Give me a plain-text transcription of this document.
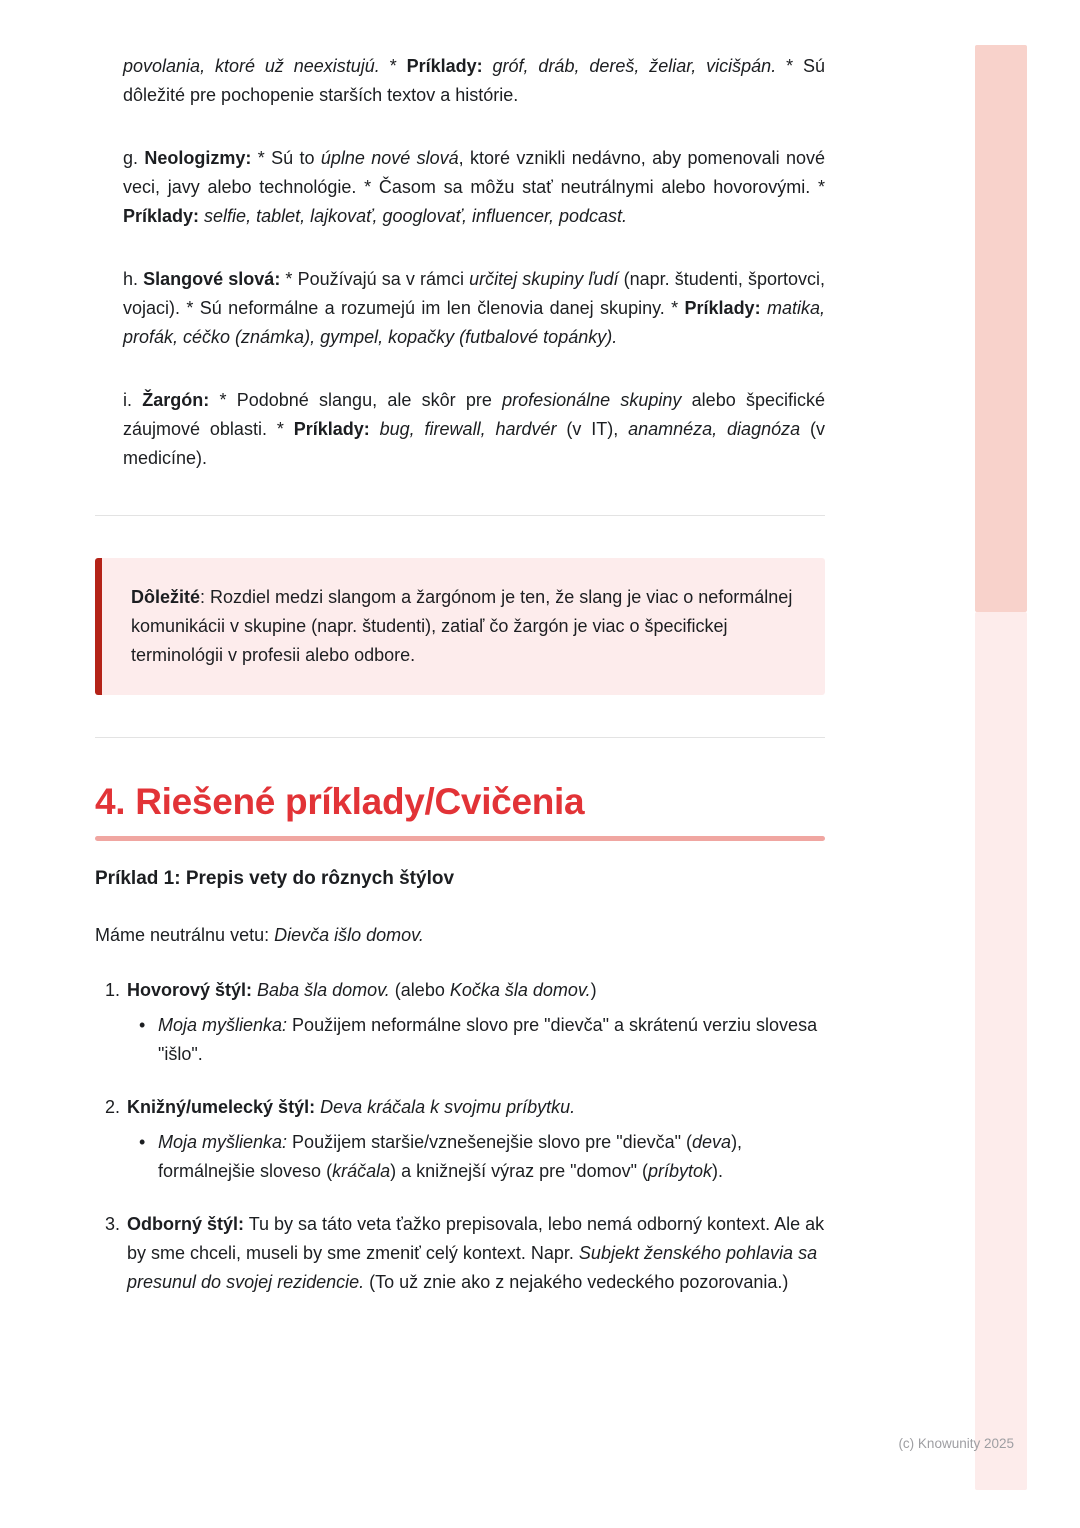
povolania, ktoré už neexistujú. * Príklady: gróf, dráb, dereš, želiar, vicišpán. * Sú dôležité pre pochopenie starších textov a histórie.

g. Neologizmy: * Sú to úplne nové slová, ktoré vznikli nedávno, aby pomenovali nové veci, javy alebo technológie. * Časom sa môžu stať neutrálnymi alebo hovorovými. * Príklady: selfie, tablet, lajkovať, googlovať, influencer, podcast.

h. Slangové slová: * Používajú sa v rámci určitej skupiny ľudí (napr. študenti, športovci, vojaci). * Sú neformálne a rozumejú im len členovia danej skupiny. * Príklady: matika, profák, céčko (známka), gympel, kopačky (futbalové topánky).

i. Žargón: * Podobné slangu, ale skôr pre profesionálne skupiny alebo špecifické záujmové oblasti. * Príklady: bug, firewall, hardvér (v IT), anamnéza, diagnóza (v medicíne).

Dôležité: Rozdiel medzi slangom a žargónom je ten, že slang je viac o neformálnej komunikácii v skupine (napr. študenti), zatiaľ čo žargón je viac o špecifickej terminológii v profesii alebo odbore.

4. Riešené príklady/Cvičenia
Príklad 1: Prepis vety do rôznych štýlov

Máme neutrálnu vetu: Dievča išlo domov.

1. Hovorový štýl: Baba šla domov. (alebo Kočka šla domov.)

•

Moja myšlienka: Použijem neformálne slovo pre "dievča" a skrátenú verziu slovesa "išlo".

2. Knižný/umelecký štýl: Deva kráčala k svojmu príbytku.

•

Moja myšlienka: Použijem staršie/vznešenejšie slovo pre "dievča" (deva), formálnejšie sloveso (kráčala) a knižnejší výraz pre "domov" (príbytok).

3. Odborný štýl: Tu by sa táto veta ťažko prepisovala, lebo nemá odborný kontext. Ale ak by sme chceli, museli by sme zmeniť celý kontext. Napr. Subjekt ženského pohlavia sa presunul do svojej rezidencie. (To už znie ako z nejakého vedeckého pozorovania.)

(c) Knowunity 2025
